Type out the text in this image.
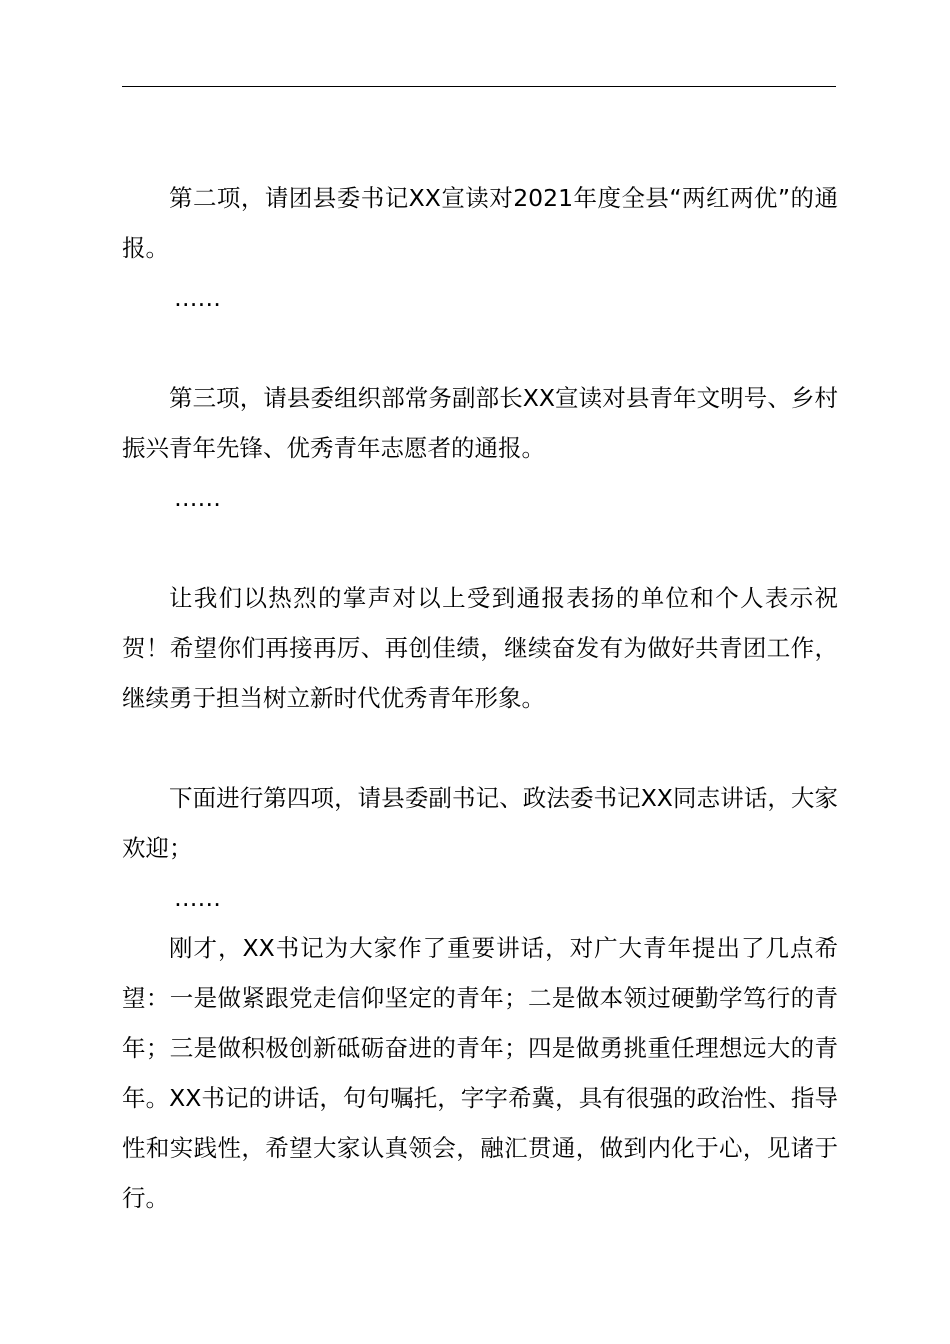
第二项，请团县委书记XX宣读对2021年度全县“两红两优”的通报。

……

第三项，请县委组织部常务副部长XX宣读对县青年文明号、乡村振兴青年先锋、优秀青年志愿者的通报。

……

让我们以热烈的掌声对以上受到通报表扬的单位和个人表示祝贺！希望你们再接再厉、再创佳绩，继续奋发有为做好共青团工作，继续勇于担当树立新时代优秀青年形象。

下面进行第四项，请县委副书记、政法委书记XX同志讲话，大家欢迎；

……

刚才，XX书记为大家作了重要讲话，对广大青年提出了几点希望：一是做紧跟党走信仰坚定的青年；二是做本领过硬勤学笃行的青年；三是做积极创新砥砺奋进的青年；四是做勇挑重任理想远大的青年。XX书记的讲话，句句嘱托，字字希冀，具有很强的政治性、指导性和实践性，希望大家认真领会，融汇贯通，做到内化于心，见诸于行。
